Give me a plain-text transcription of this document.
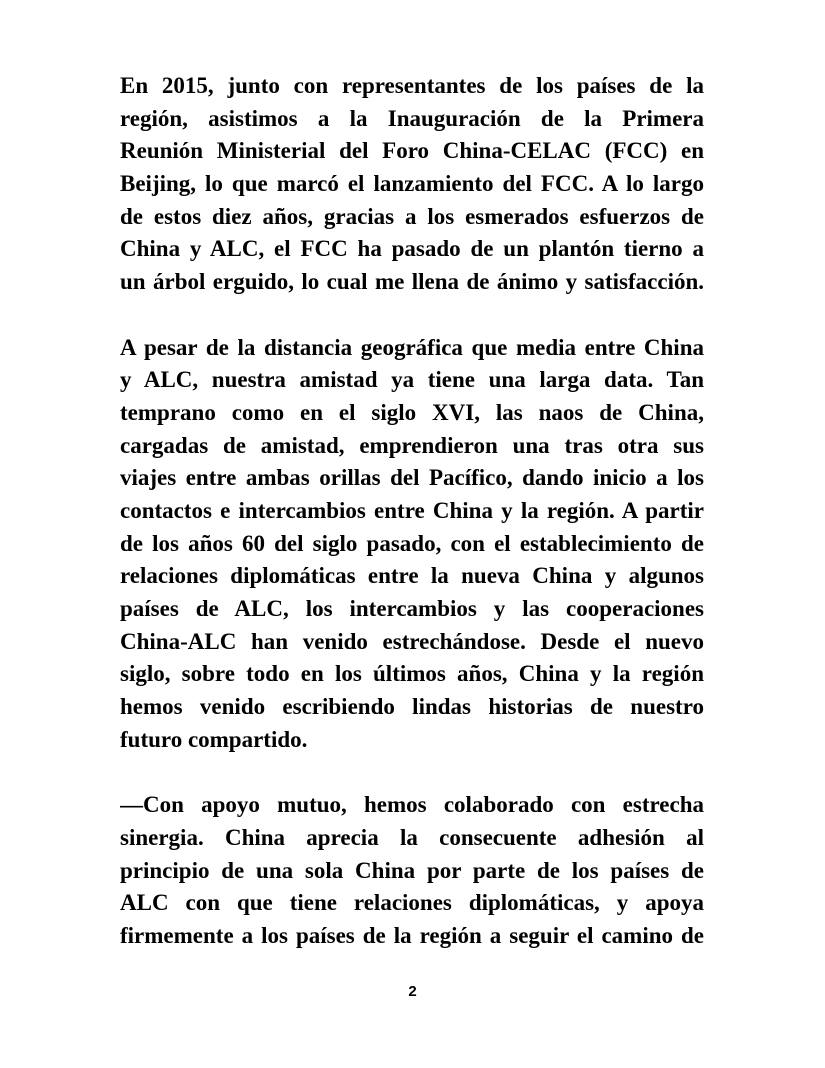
En 2015, junto con representantes de los países de la
región, asistimos a la Inauguración de la Primera
Reunión Ministerial del Foro China-CELAC (FCC) en
Beijing, lo que marcó el lanzamiento del FCC. A lo largo
de estos diez años, gracias a los esmerados esfuerzos de
China y ALC, el FCC ha pasado de un plantón tierno a
un árbol erguido, lo cual me llena de ánimo y satisfacción.

A pesar de la distancia geográfica que media entre China
y ALC, nuestra amistad ya tiene una larga data. Tan
temprano como en el siglo XVI, las naos de China,
cargadas de amistad, emprendieron una tras otra sus
viajes entre ambas orillas del Pacífico, dando inicio a los
contactos e intercambios entre China y la región. A partir
de los años 60 del siglo pasado, con el establecimiento de
relaciones diplomáticas entre la nueva China y algunos
países de ALC, los intercambios y las cooperaciones
China-ALC han venido estrechándose. Desde el nuevo
siglo, sobre todo en los últimos años, China y la región
hemos venido escribiendo lindas historias de nuestro
futuro compartido.

—Con apoyo mutuo, hemos colaborado con estrecha
sinergia. China aprecia la consecuente adhesión al
principio de una sola China por parte de los países de
ALC con que tiene relaciones diplomáticas, y apoya
firmemente a los países de la región a seguir el camino de

2
